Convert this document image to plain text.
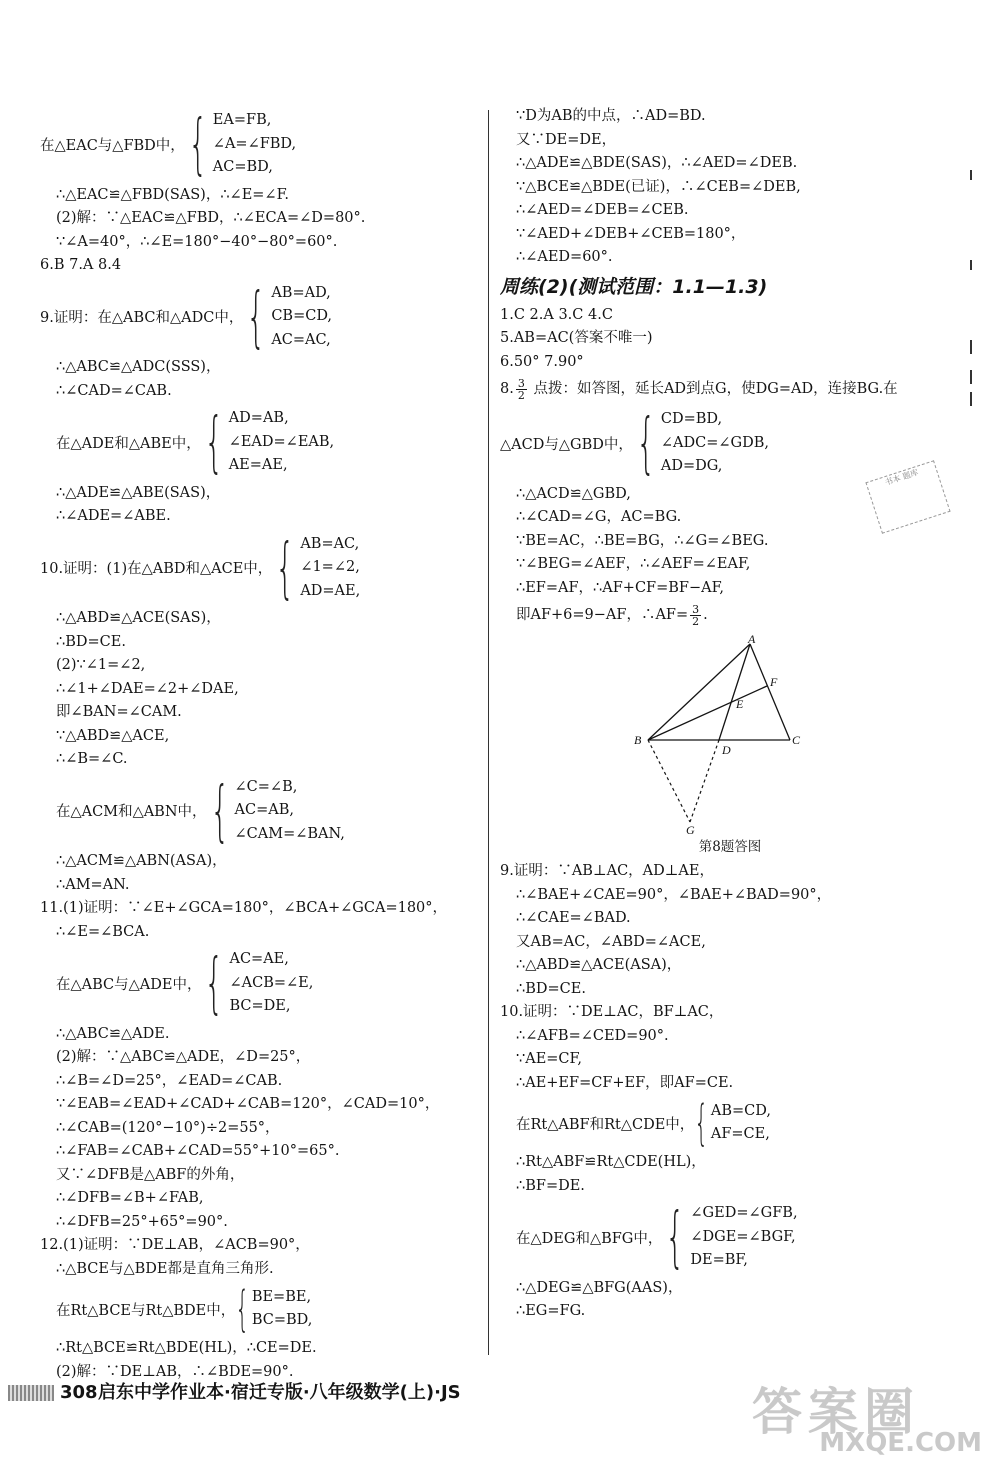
在△EAC与△FBD中， { EA=FB,
∠A=∠FBD,
AC=BD,
∴△EAC≌△FBD(SAS)，∴∠E=∠F.
(2)解：∵△EAC≌△FBD，∴∠ECA=∠D=80°.
∵∠A=40°，∴∠E=180°−40°−80°=60°.
6.B 7.A 8.4
9.证明：在△ABC和△ADC中， { AB=AD,
CB=CD,
AC=AC,
∴△ABC≌△ADC(SSS)，
∴∠CAD=∠CAB.
在△ADE和△ABE中， { AD=AB,
∠EAD=∠EAB,
AE=AE,
∴△ADE≌△ABE(SAS)，
∴∠ADE=∠ABE.
10.证明：(1)在△ABD和△ACE中， { AB=AC,
∠1=∠2,
AD=AE,
∴△ABD≌△ACE(SAS)，
∴BD=CE.
(2)∵∠1=∠2,
∴∠1+∠DAE=∠2+∠DAE,
即∠BAN=∠CAM.
∵△ABD≌△ACE,
∴∠B=∠C.
在△ACM和△ABN中， { ∠C=∠B,
AC=AB,
∠CAM=∠BAN,
∴△ACM≌△ABN(ASA)，
∴AM=AN.
11.(1)证明：∵∠E+∠GCA=180°，∠BCA+∠GCA=180°，
∴∠E=∠BCA.
在△ABC与△ADE中， { AC=AE,
∠ACB=∠E,
BC=DE,
∴△ABC≌△ADE.
(2)解：∵△ABC≌△ADE，∠D=25°，
∴∠B=∠D=25°，∠EAD=∠CAB.
∵∠EAB=∠EAD+∠CAD+∠CAB=120°，∠CAD=10°，
∴∠CAB=(120°−10°)÷2=55°，
∴∠FAB=∠CAB+∠CAD=55°+10°=65°.
又∵∠DFB是△ABF的外角，
∴∠DFB=∠B+∠FAB,
∴∠DFB=25°+65°=90°.
12.(1)证明：∵DE⊥AB，∠ACB=90°，
∴△BCE与△BDE都是直角三角形.
在Rt△BCE与Rt△BDE中， { BE=BE,
BC=BD,
∴Rt△BCE≌Rt△BDE(HL)，∴CE=DE.
(2)解：∵DE⊥AB，∴∠BDE=90°.
∵D为AB的中点，∴AD=BD.
又∵DE=DE，
∴△ADE≌△BDE(SAS)，∴∠AED=∠DEB.
∵△BCE≌△BDE(已证)，∴∠CEB=∠DEB,
∴∠AED=∠DEB=∠CEB.
∵∠AED+∠DEB+∠CEB=180°，
∴∠AED=60°.
周练(2)(测试范围：1.1—1.3)
1.C 2.A 3.C 4.C
5.AB=AC(答案不唯一)
6.50° 7.90°
8. $\frac{3}{2}$ 点拨：如答图，延长AD到点G，使DG=AD，连接BG.在
△ACD与△GBD中， { CD=BD,
∠ADC=∠GDB,
AD=DG,
∴△ACD≌△GBD,
∴∠CAD=∠G，AC=BG.
∵BE=AC，∴BE=BG，∴∠G=∠BEG.
∵∠BEG=∠AEF，∴∠AEF=∠EAF,
∴EF=AF，∴AF+CF=BF−AF,
即AF+6=9−AF，∴AF= $\frac{3}{2}$ .
A
B	C
D
E
F
G
第8题答图
9.证明：∵AB⊥AC，AD⊥AE，
∴∠BAE+∠CAE=90°，∠BAE+∠BAD=90°，
∴∠CAE=∠BAD.
又AB=AC，∠ABD=∠ACE,
∴△ABD≌△ACE(ASA)，
∴BD=CE.
10.证明：∵DE⊥AC，BF⊥AC，
∴∠AFB=∠CED=90°.
∵AE=CF,
∴AE+EF=CF+EF，即AF=CE.
在Rt△ABF和Rt△CDE中， { AB=CD,
AF=CE,
∴Rt△ABF≌Rt△CDE(HL)，
∴BF=DE.
在△DEG和△BFG中， { ∠GED=∠GFB,
∠DGE=∠BGF,
DE=BF,
∴△DEG≌△BFG(AAS)，
∴EG=FG.
书本 题库
308 启东中学作业本·宿迁专版·八年级数学(上)·JS	答案圈
MXQE.COM
